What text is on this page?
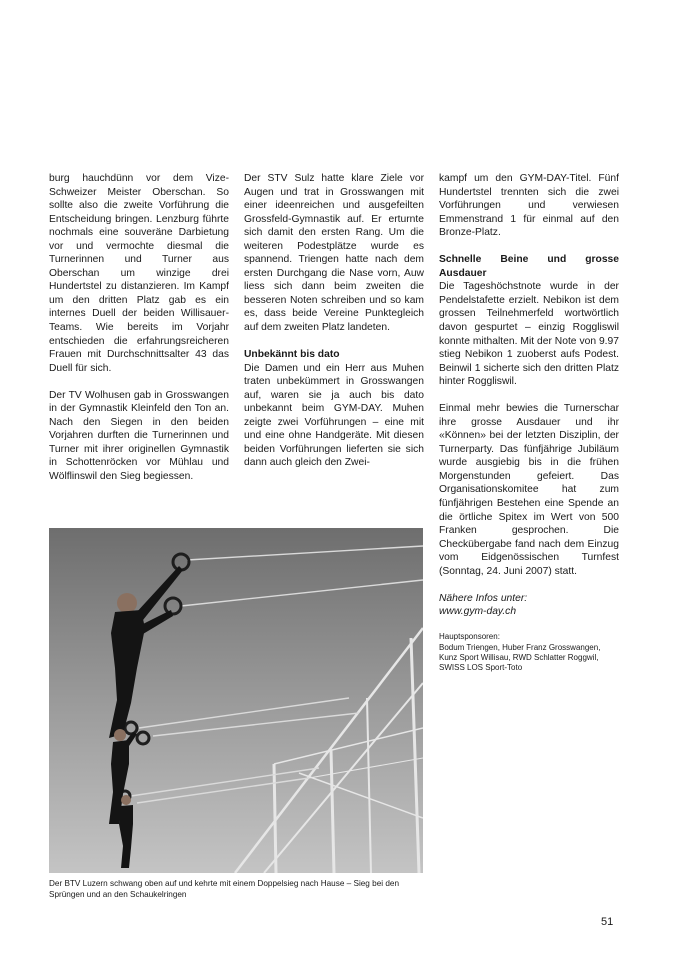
burg hauchdünn vor dem Vize-Schweizer Meister Oberschan. So sollte also die zweite Vorführung die Entscheidung bringen. Lenzburg führte nochmals eine souveräne Darbietung vor und vermochte diesmal die Turnerinnen und Turner aus Oberschan um winzige drei Hundertstel zu distanzieren. Im Kampf um den dritten Platz gab es ein internes Duell der beiden Willisauer-Teams. Wie bereits im Vorjahr entschieden die erfahrungsreicheren Frauen mit Durchschnittsalter 43 das Duell für sich.

Der TV Wolhusen gab in Grosswangen in der Gymnastik Kleinfeld den Ton an. Nach den Siegen in den beiden Vorjahren durften die Turnerinnen und Turner mit ihrer originellen Gymnastik in Schottenröcken vor Mühlau und Wölflinswil den Sieg begiessen.

Der STV Sulz hatte klare Ziele vor Augen und trat in Grosswangen mit einer ideenreichen und ausgefeilten Grossfeld-Gymnastik auf. Er erturnte sich damit den ersten Rang. Um die weiteren Podestplätze wurde es spannend. Triengen hatte nach dem ersten Durchgang die Nase vorn, Auw liess sich dann beim zweiten die besseren Noten schreiben und so kam es, dass beide Vereine Punktegleich auf dem zweiten Platz landeten.

Unbekännt bis dato

Die Damen und ein Herr aus Muhen traten unbekümmert in Grosswangen auf, waren sie ja auch bis dato unbekannt beim GYM-DAY. Muhen zeigte zwei Vorführungen – eine mit und eine ohne Handgeräte. Mit diesen beiden Vorführungen lieferten sie sich dann auch gleich den Zwei-

kampf um den GYM-DAY-Titel. Fünf Hundertstel trennten sich die zwei Vorführungen und verwiesen Emmenstrand 1 für einmal auf den Bronze-Platz.

Schnelle Beine und grosse Ausdauer

Die Tageshöchstnote wurde in der Pendelstafette erzielt. Nebikon ist dem grossen Teilnehmerfeld wortwörtlich davon gespurtet – einzig Roggliswil konnte mithalten. Mit der Note von 9.97 stieg Nebikon 1 zuoberst aufs Podest. Beinwil 1 sicherte sich den dritten Platz hinter Roggliswil.

Einmal mehr bewies die Turnerschar ihre grosse Ausdauer und ihr «Können» bei der letzten Disziplin, der Turnerparty. Das fünfjährige Jubiläum wurde ausgiebig bis in die frühen Morgenstunden gefeiert. Das Organisationskomitee hat zum fünfjährigen Bestehen eine Spende an die örtliche Spitex im Wert von 500 Franken gesprochen. Die Checkübergabe fand nach dem Einzug vom Eidgenössischen Turnfest (Sonntag, 24. Juni 2007) statt.

Nähere Infos unter:
www.gym-day.ch

Hauptsponsoren:
Bodum Triengen, Huber Franz Grosswangen, Kunz Sport Willisau, RWD Schlatter Roggwil, SWISS LOS Sport-Toto

Der BTV Luzern schwang oben auf und kehrte mit einem Doppelsieg nach Hause – Sieg bei den Sprüngen und an den Schaukelringen
51
